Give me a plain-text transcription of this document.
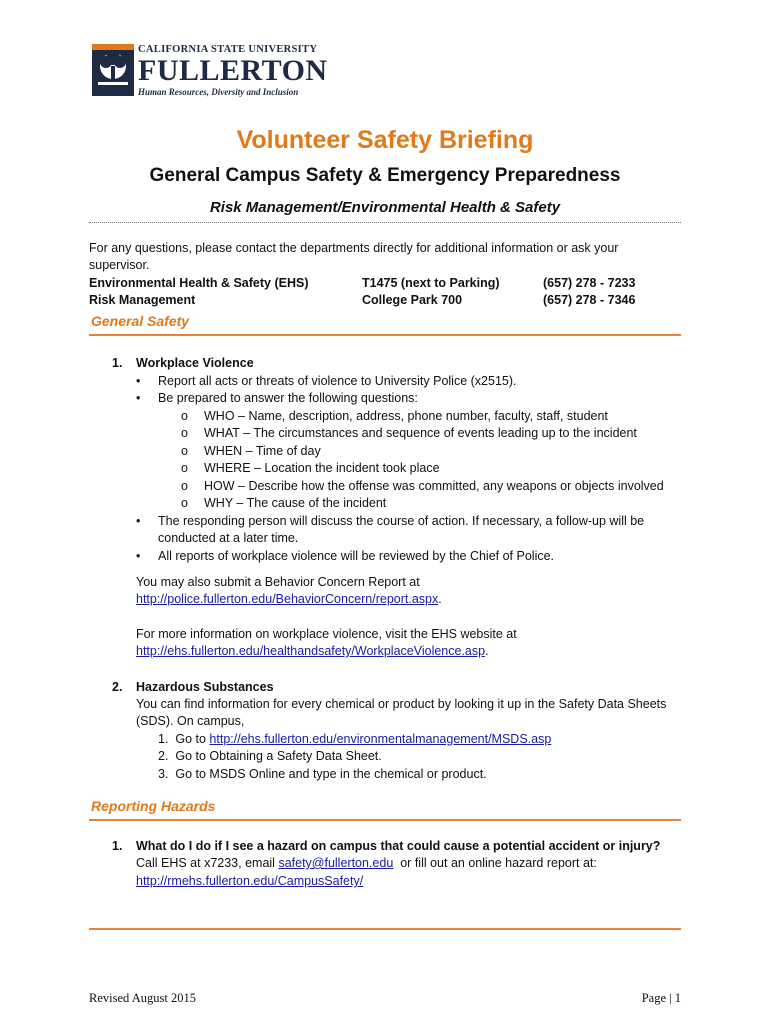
CALIFORNIA STATE UNIVERSITY
FULLERTON
Human Resources, Diversity and Inclusion
Volunteer Safety Briefing
General Campus Safety & Emergency Preparedness
Risk Management/Environmental Health & Safety
For any questions, please contact the departments directly for additional information or ask your
supervisor.
Environmental Health & Safety (EHS)	T1475 (next to Parking)	(657) 278 - 7233
Risk Management	College Park 700	(657) 278 - 7346
General Safety
1. Workplace Violence
• Report all acts or threats of violence to University Police (x2515).
• Be prepared to answer the following questions:
o WHO – Name, description, address, phone number, faculty, staff, student
o WHAT – The circumstances and sequence of events leading up to the incident
o WHEN – Time of day
o WHERE – Location the incident took place
o HOW – Describe how the offense was committed, any weapons or objects involved
o WHY – The cause of the incident
• The responding person will discuss the course of action. If necessary, a follow-up will be
conducted at a later time.
• All reports of workplace violence will be reviewed by the Chief of Police.
You may also submit a Behavior Concern Report at
http://police.fullerton.edu/BehaviorConcern/report.aspx.
For more information on workplace violence, visit the EHS website at
http://ehs.fullerton.edu/healthandsafety/WorkplaceViolence.asp.
2. Hazardous Substances
You can find information for every chemical or product by looking it up in the Safety Data Sheets
(SDS). On campus,
1.  Go to http://ehs.fullerton.edu/environmentalmanagement/MSDS.asp
2.  Go to Obtaining a Safety Data Sheet.
3.  Go to MSDS Online and type in the chemical or product.
Reporting Hazards
1. What do I do if I see a hazard on campus that could cause a potential accident or injury?
Call EHS at x7233, email safety@fullerton.edu  or fill out an online hazard report at:
http://rmehs.fullerton.edu/CampusSafety/
Revised August 2015	Page | 1
